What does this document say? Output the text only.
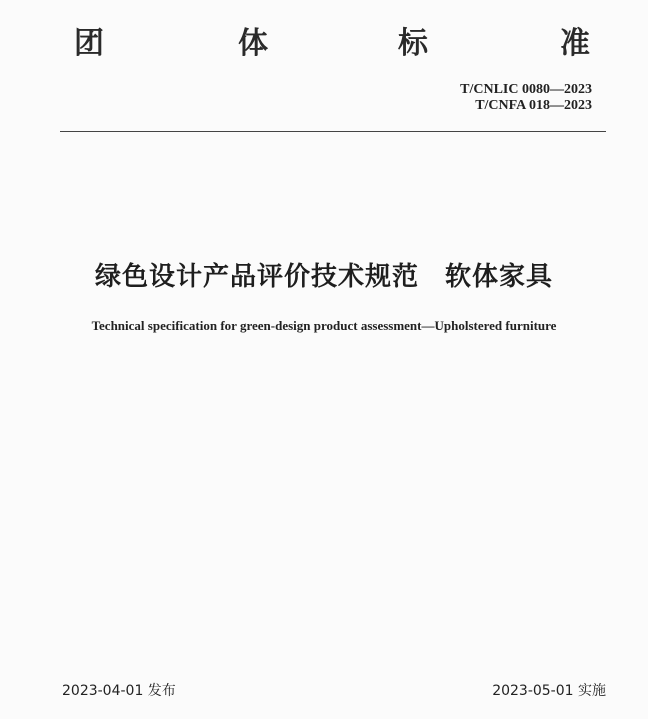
团	体	标	准
T/CNLIC 0080—2023
T/CNFA 018—2023
绿色设计产品评价技术规范 软体家具
Technical specification for green-design product assessment—Upholstered furniture
2023-04-01 发布	2023-05-01 实施
